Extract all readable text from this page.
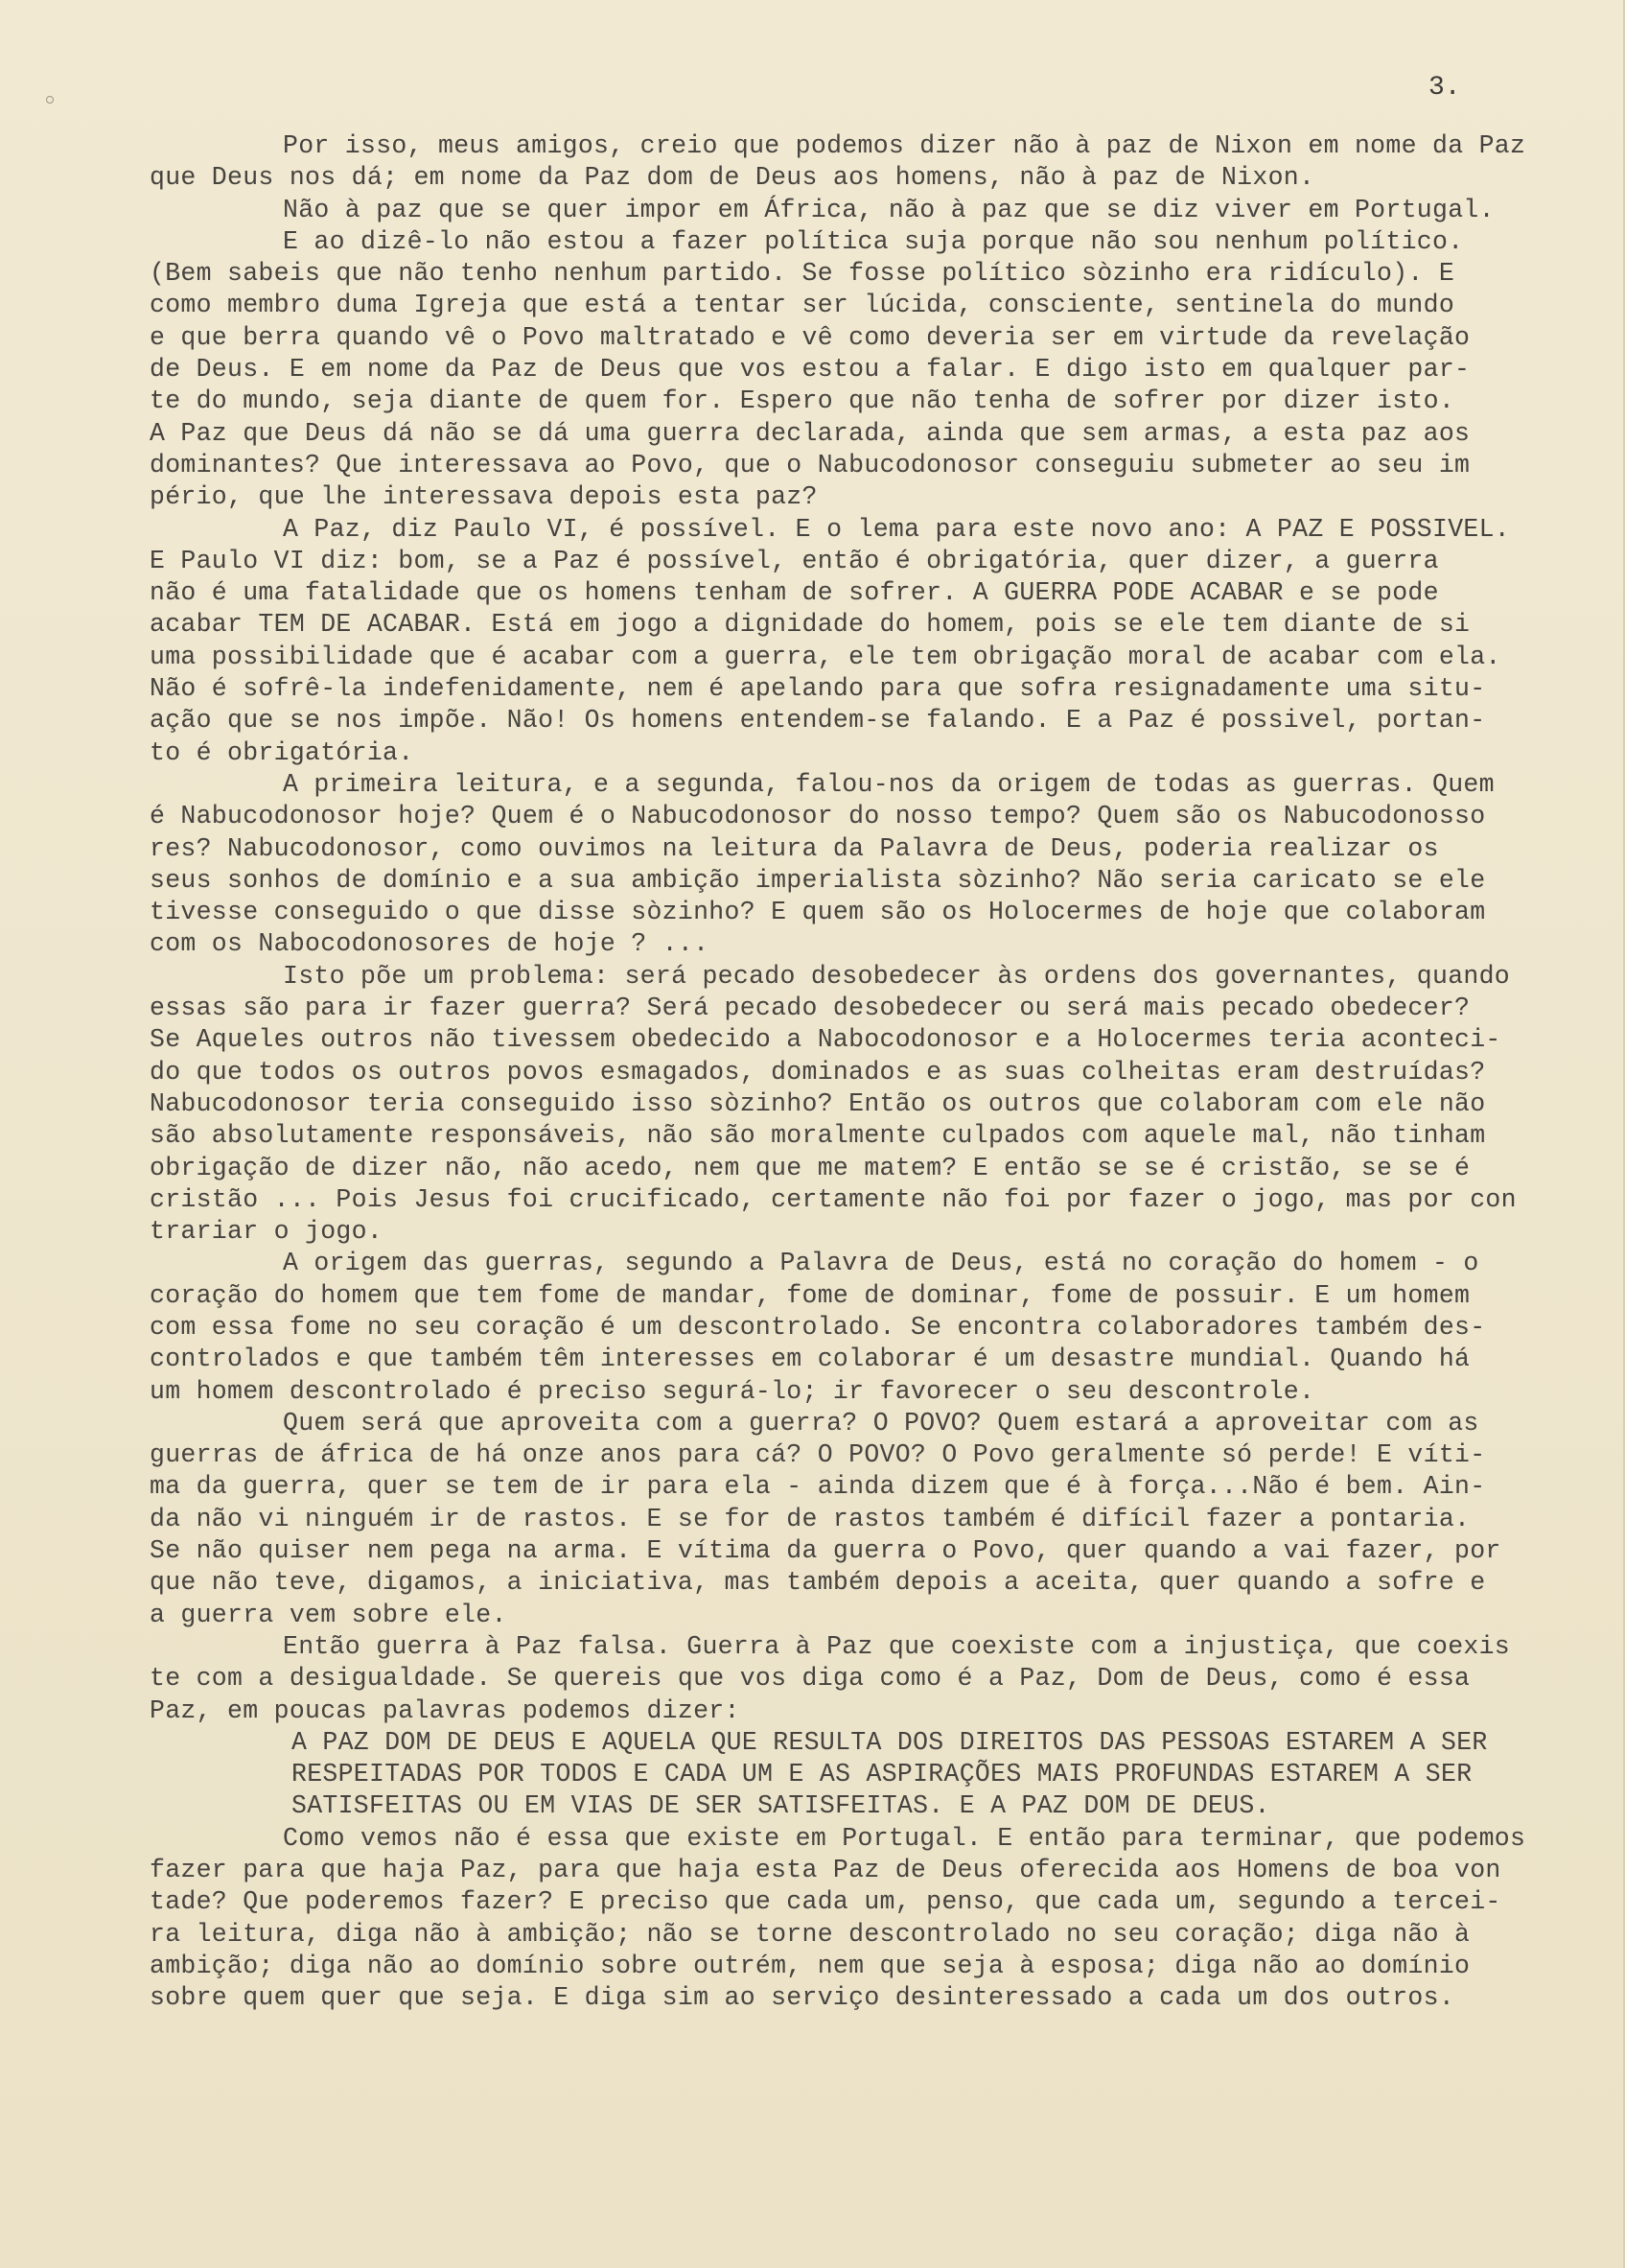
3.

Por isso, meus amigos, creio que podemos dizer não à paz de Nixon em nome da Paz
que Deus nos dá; em nome da Paz dom de Deus aos homens, não à paz de Nixon.
Não à paz que se quer impor em África, não à paz que se diz viver em Portugal.
E ao dizê-lo não estou a fazer política suja porque não sou nenhum político.
(Bem sabeis que não tenho nenhum partido. Se fosse político sòzinho era ridículo). E
como membro duma Igreja que está a tentar ser lúcida, consciente, sentinela do mundo
e que berra quando vê o Povo maltratado e vê como deveria ser em virtude da revelação
de Deus. E em nome da Paz de Deus que vos estou a falar. E digo isto em qualquer par-
te do mundo, seja diante de quem for. Espero que não tenha de sofrer por dizer isto.
A Paz que Deus dá não se dá uma guerra declarada, ainda que sem armas, a esta paz aos
dominantes? Que interessava ao Povo, que o Nabucodonosor conseguiu submeter ao seu im
pério, que lhe interessava depois esta paz?
A Paz, diz Paulo VI, é possível. E o lema para este novo ano: A PAZ E POSSIVEL.
E Paulo VI diz: bom, se a Paz é possível, então é obrigatória, quer dizer, a guerra
não é uma fatalidade que os homens tenham de sofrer. A GUERRA PODE ACABAR e se pode
acabar TEM DE ACABAR. Está em jogo a dignidade do homem, pois se ele tem diante de si
uma possibilidade que é acabar com a guerra, ele tem obrigação moral de acabar com ela.
Não é sofrê-la indefenidamente, nem é apelando para que sofra resignadamente uma situ-
ação que se nos impõe. Não! Os homens entendem-se falando. E a Paz é possivel, portan-
to é obrigatória.
A primeira leitura, e a segunda, falou-nos da origem de todas as guerras. Quem
é Nabucodonosor hoje? Quem é o Nabucodonosor do nosso tempo? Quem são os Nabucodonosso
res? Nabucodonosor, como ouvimos na leitura da Palavra de Deus, poderia realizar os
seus sonhos de domínio e a sua ambição imperialista sòzinho? Não seria caricato se ele
tivesse conseguido o que disse sòzinho? E quem são os Holocermes de hoje que colaboram
com os Nabocodonosores de hoje ? ...
Isto põe um problema: será pecado desobedecer às ordens dos governantes, quando
essas são para ir fazer guerra? Será pecado desobedecer ou será mais pecado obedecer?
Se Aqueles outros não tivessem obedecido a Nabocodonosor e a Holocermes teria aconteci-
do que todos os outros povos esmagados, dominados e as suas colheitas eram destruídas?
Nabucodonosor teria conseguido isso sòzinho? Então os outros que colaboram com ele não
são absolutamente responsáveis, não são moralmente culpados com aquele mal, não tinham
obrigação de dizer não, não acedo, nem que me matem? E então se se é cristão, se se é
cristão ... Pois Jesus foi crucificado, certamente não foi por fazer o jogo, mas por con
trariar o jogo.
A origem das guerras, segundo a Palavra de Deus, está no coração do homem - o
coração do homem que tem fome de mandar, fome de dominar, fome de possuir. E um homem
com essa fome no seu coração é um descontrolado. Se encontra colaboradores também des-
controlados e que também têm interesses em colaborar é um desastre mundial. Quando há
um homem descontrolado é preciso segurá-lo; ir favorecer o seu descontrole.
Quem será que aproveita com a guerra? O POVO? Quem estará a aproveitar com as
guerras de áfrica de há onze anos para cá? O POVO? O Povo geralmente só perde! E víti-
ma da guerra, quer se tem de ir para ela - ainda dizem que é à força...Não é bem. Ain-
da não vi ninguém ir de rastos. E se for de rastos também é difícil fazer a pontaria.
Se não quiser nem pega na arma. E vítima da guerra o Povo, quer quando a vai fazer, por
que não teve, digamos, a iniciativa, mas também depois a aceita, quer quando a sofre e
a guerra vem sobre ele.
Então guerra à Paz falsa. Guerra à Paz que coexiste com a injustiça, que coexis
te com a desigualdade. Se quereis que vos diga como é a Paz, Dom de Deus, como é essa
Paz, em poucas palavras podemos dizer:
A PAZ DOM DE DEUS E AQUELA QUE RESULTA DOS DIREITOS DAS PESSOAS ESTAREM A SER
RESPEITADAS POR TODOS E CADA UM E AS ASPIRAÇÕES MAIS PROFUNDAS ESTAREM A SER
SATISFEITAS OU EM VIAS DE SER SATISFEITAS. E A PAZ DOM DE DEUS.
Como vemos não é essa que existe em Portugal. E então para terminar, que podemos
fazer para que haja Paz, para que haja esta Paz de Deus oferecida aos Homens de boa von
tade? Que poderemos fazer? E preciso que cada um, penso, que cada um, segundo a tercei-
ra leitura, diga não à ambição; não se torne descontrolado no seu coração; diga não à
ambição; diga não ao domínio sobre outrém, nem que seja à esposa; diga não ao domínio
sobre quem quer que seja. E diga sim ao serviço desinteressado a cada um dos outros.
